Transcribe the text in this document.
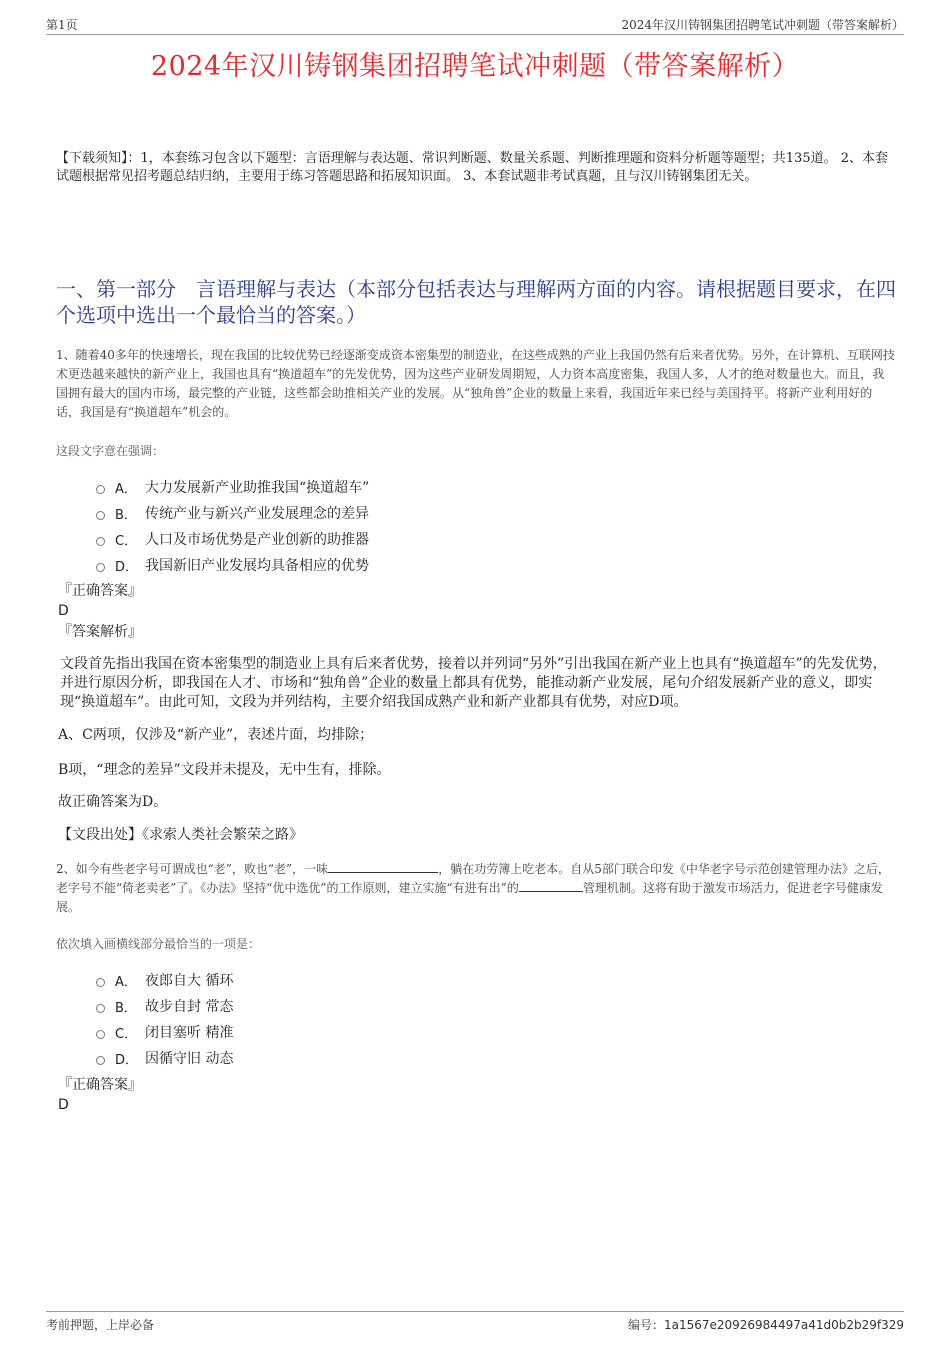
第1页	2024年汉川铸钢集团招聘笔试冲刺题（带答案解析）
2024年汉川铸钢集团招聘笔试冲刺题（带答案解析）
【下载须知】：1，本套练习包含以下题型：言语理解与表达题、常识判断题、数量关系题、判断推理题和资料分析题等题型；共135道。 2、本套试题根据常见招考题总结归纳，主要用于练习答题思路和拓展知识面。 3、本套试题非考试真题，且与汉川铸钢集团无关。
一、第一部分　言语理解与表达（本部分包括表达与理解两方面的内容。请根据题目要求，在四个选项中选出一个最恰当的答案。）
1、随着40多年的快速增长，现在我国的比较优势已经逐渐变成资本密集型的制造业，在这些成熟的产业上我国仍然有后来者优势。另外，在计算机、互联网技术更迭越来越快的新产业上，我国也具有“换道超车”的先发优势，因为这些产业研发周期短，人力资本高度密集，我国人多，人才的绝对数量也大。而且，我国拥有最大的国内市场，最完整的产业链，这些都会助推相关产业的发展。从“独角兽”企业的数量上来看，我国近年来已经与美国持平。将新产业利用好的话，我国是有“换道超车”机会的。
这段文字意在强调：
A． 大力发展新产业助推我国“换道超车”
B． 传统产业与新兴产业发展理念的差异
C． 人口及市场优势是产业创新的助推器
D． 我国新旧产业发展均具备相应的优势
『正确答案』
D
『答案解析』
文段首先指出我国在资本密集型的制造业上具有后来者优势，接着以并列词“另外”引出我国在新产业上也具有“换道超车”的先发优势，并进行原因分析，即我国在人才、市场和“独角兽”企业的数量上都具有优势，能推动新产业发展，尾句介绍发展新产业的意义，即实现“换道超车”。由此可知，文段为并列结构，主要介绍我国成熟产业和新产业都具有优势，对应D项。
A、C两项，仅涉及“新产业”，表述片面，均排除；
B项，“理念的差异”文段并未提及，无中生有，排除。
故正确答案为D。
【文段出处】《求索人类社会繁荣之路》
2、如今有些老字号可谓成也“老”，败也“老”，一味	，躺在功劳簿上吃老本。自从5部门联合印发《中华老字号示范创建管理办法》之后，老字号不能“倚老卖老”了。《办法》坚持“优中选优”的工作原则，建立实施“有进有出”的	管理机制。这将有助于激发市场活力，促进老字号健康发展。
依次填入画横线部分最恰当的一项是：
A． 夜郎自大 循环
B． 故步自封 常态
C． 闭目塞听 精准
D． 因循守旧 动态
『正确答案』
D
考前押题，上岸必备	编号：1a1567e20926984497a41d0b2b29f329
